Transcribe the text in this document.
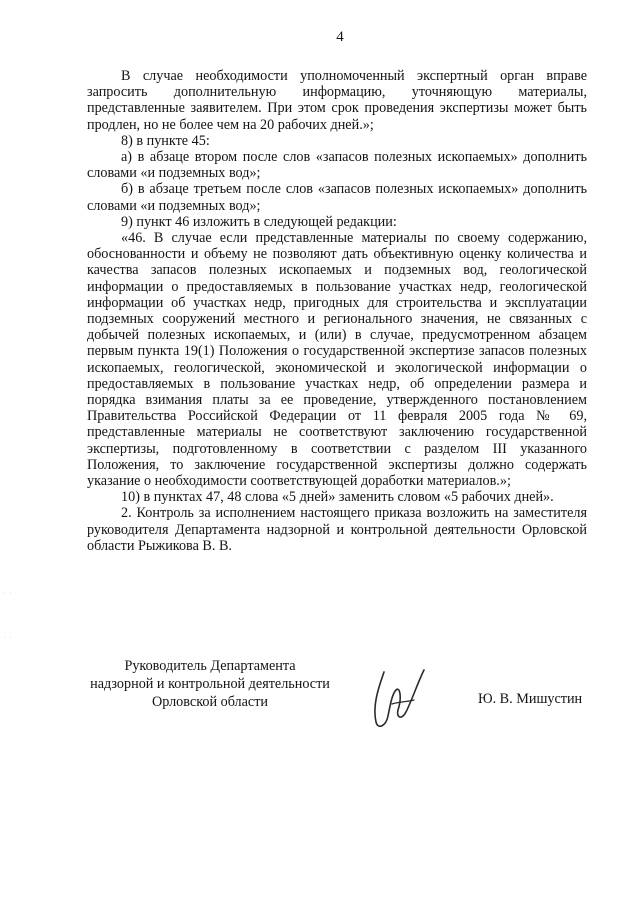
4
· ·
· ·

В случае необходимости уполномоченный экспертный орган вправе запросить дополнительную информацию, уточняющую материалы, представленные заявителем. При этом срок проведения экспертизы может быть продлен, но не более чем на 20 рабочих дней.»;

8) в пункте 45:

а) в абзаце втором после слов «запасов полезных ископаемых» дополнить словами «и подземных вод»;

б) в абзаце третьем после слов «запасов полезных ископаемых» дополнить словами «и подземных вод»;

9) пункт 46 изложить в следующей редакции:

«46. В случае если представленные материалы по своему содержанию, обоснованности и объему не позволяют дать объективную оценку количества и качества запасов полезных ископаемых и подземных вод, геологической информации о предоставляемых в пользование участках недр, геологической информации об участках недр, пригодных для строительства и эксплуатации подземных сооружений местного и регионального значения, не связанных с добычей полезных ископаемых, и (или) в случае, предусмотренном абзацем первым пункта 19(1) Положения о государственной экспертизе запасов полезных ископаемых, геологической, экономической и экологической информации о предоставляемых в пользование участках недр, об определении размера и порядка взимания платы за ее проведение, утвержденного постановлением Правительства Российской Федерации от 11 февраля 2005 года № 69, представленные материалы не соответствуют заключению государственной экспертизы, подготовленному в соответствии с разделом III указанного Положения, то заключение государственной экспертизы должно содержать указание о необходимости соответствующей доработки материалов.»;

10) в пунктах 47, 48 слова «5 дней» заменить словом «5 рабочих дней».

2. Контроль за исполнением настоящего приказа возложить на заместителя руководителя Департамента надзорной и контрольной деятельности Орловской области Рыжикова В. В.

Руководитель Департамента
надзорной и контрольной деятельности
Орловской области	Ю. В. Мишустин
